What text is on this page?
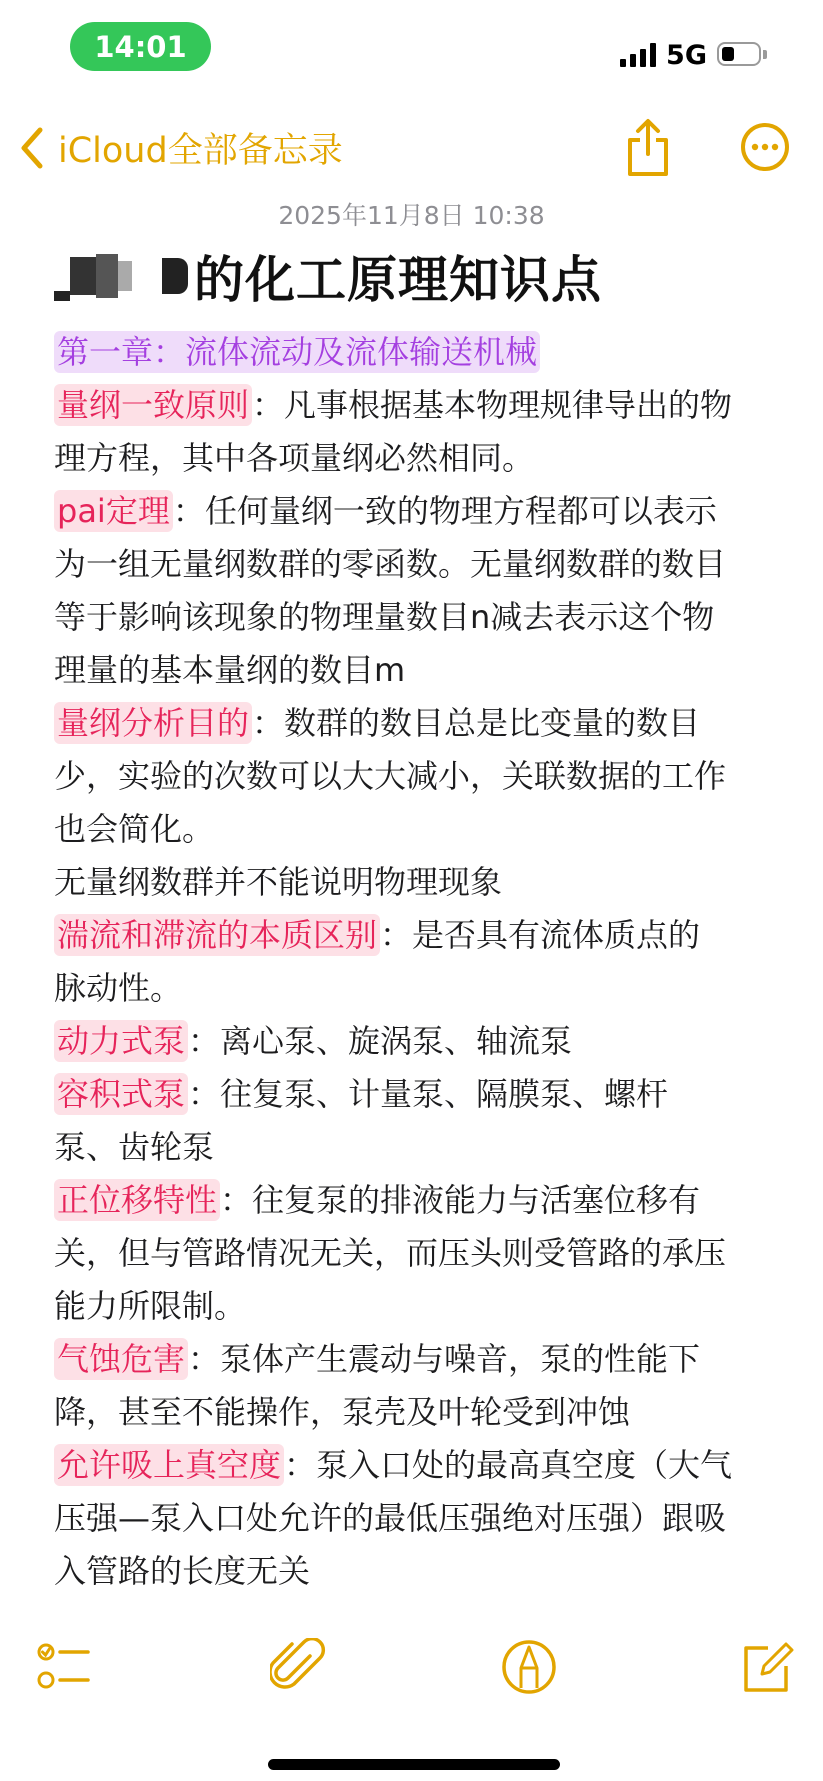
14:01	5G
iCloud全部备忘录
2025年11月8日 10:38
的化工原理知识点
第一章：流体流动及流体输送机械
量纲一致原则：凡事根据基本物理规律导出的物
理方程，其中各项量纲必然相同。
pai定理：任何量纲一致的物理方程都可以表示
为一组无量纲数群的零函数。无量纲数群的数目
等于影响该现象的物理量数目n减去表示这个物
理量的基本量纲的数目m
量纲分析目的：数群的数目总是比变量的数目
少，实验的次数可以大大减小，关联数据的工作
也会简化。
无量纲数群并不能说明物理现象
湍流和滞流的本质区别：是否具有流体质点的
脉动性。
动力式泵：离心泵、旋涡泵、轴流泵
容积式泵：往复泵、计量泵、隔膜泵、螺杆
泵、齿轮泵
正位移特性：往复泵的排液能力与活塞位移有
关，但与管路情况无关，而压头则受管路的承压
能力所限制。
气蚀危害：泵体产生震动与噪音，泵的性能下
降，甚至不能操作，泵壳及叶轮受到冲蚀
允许吸上真空度：泵入口处的最高真空度（大气
压强—泵入口处允许的最低压强绝对压强）跟吸
入管路的长度无关
